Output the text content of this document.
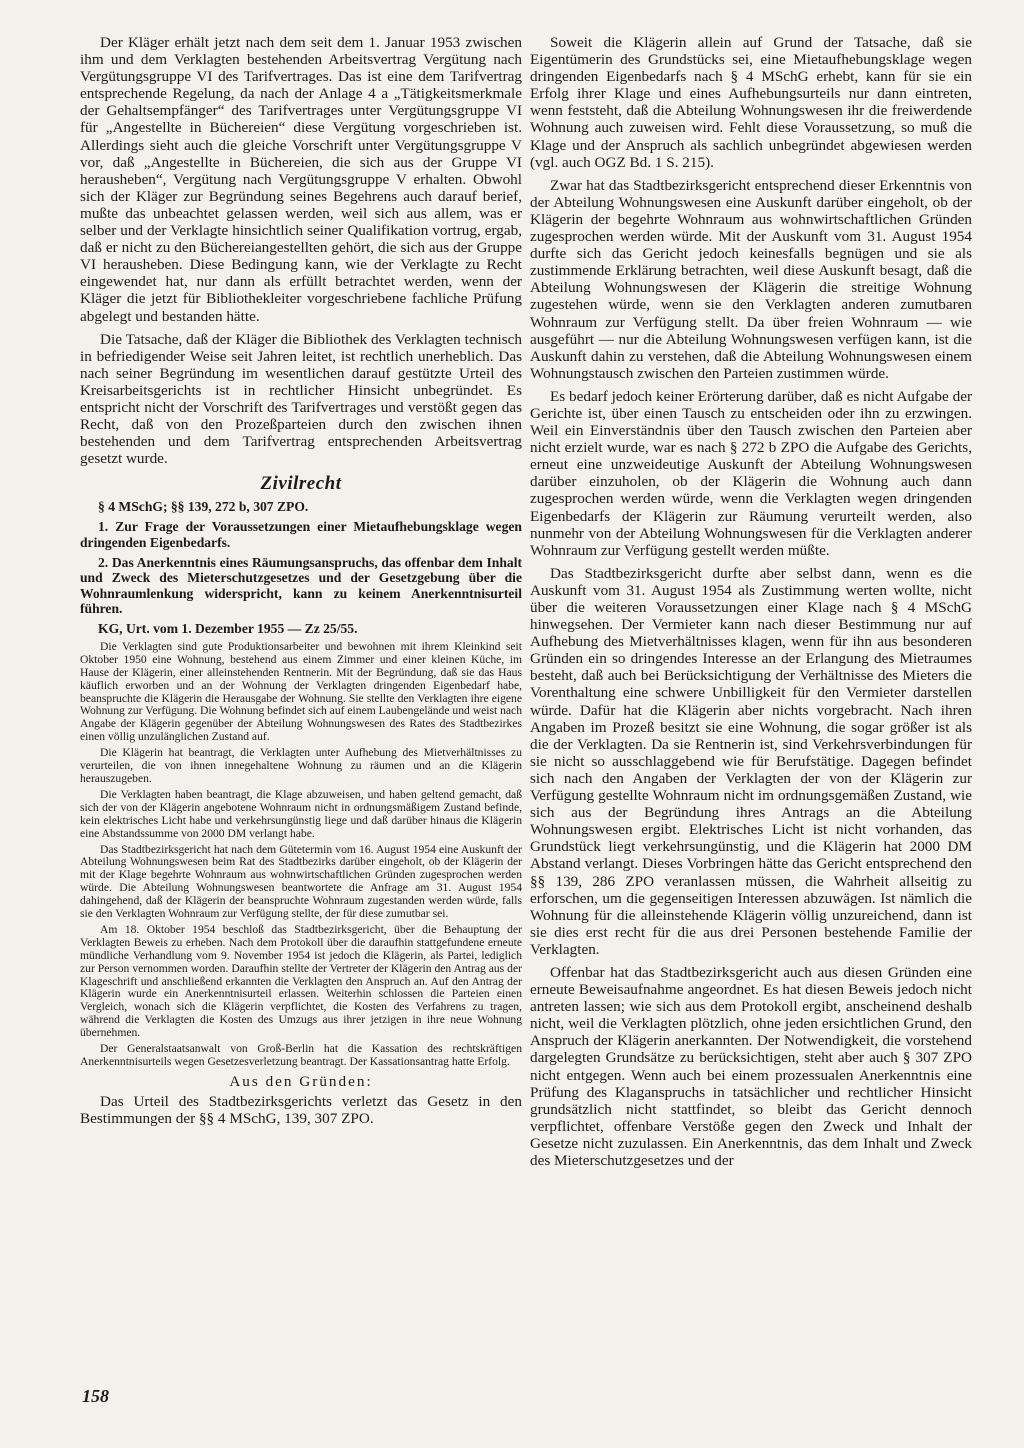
Der Kläger erhält jetzt nach dem seit dem 1. Januar 1953 zwischen ihm und dem Verklagten bestehenden Arbeitsvertrag Vergütung nach Vergütungsgruppe VI des Tarifvertrages. Das ist eine dem Tarifvertrag entsprechende Regelung, da nach der Anlage 4 a „Tätigkeitsmerkmale der Gehaltsempfänger“ des Tarifvertrages unter Vergütungsgruppe VI für „Angestellte in Büchereien“ diese Vergütung vorgeschrieben ist. Allerdings sieht auch die gleiche Vorschrift unter Vergütungsgruppe V vor, daß „Angestellte in Büchereien, die sich aus der Gruppe VI herausheben“, Vergütung nach Vergütungsgruppe V erhalten. Obwohl sich der Kläger zur Begründung seines Begehrens auch darauf berief, mußte das unbeachtet gelassen werden, weil sich aus allem, was er selber und der Verklagte hinsichtlich seiner Qualifikation vortrug, ergab, daß er nicht zu den Büchereiangestellten gehört, die sich aus der Gruppe VI herausheben. Diese Bedingung kann, wie der Verklagte zu Recht eingewendet hat, nur dann als erfüllt betrachtet werden, wenn der Kläger die jetzt für Bibliothekleiter vorgeschriebene fachliche Prüfung abgelegt und bestanden hätte.

Die Tatsache, daß der Kläger die Bibliothek des Verklagten technisch in befriedigender Weise seit Jahren leitet, ist rechtlich unerheblich. Das nach seiner Begründung im wesentlichen darauf gestützte Urteil des Kreisarbeitsgerichts ist in rechtlicher Hinsicht unbegründet. Es entspricht nicht der Vorschrift des Tarifvertrages und verstößt gegen das Recht, daß von den Prozeßparteien durch den zwischen ihnen bestehenden und dem Tarifvertrag entsprechenden Arbeitsvertrag gesetzt wurde.

Zivilrecht

§ 4 MSchG; §§ 139, 272 b, 307 ZPO.

1. Zur Frage der Voraussetzungen einer Mietaufhebungsklage wegen dringenden Eigenbedarfs.

2. Das Anerkenntnis eines Räumungsanspruchs, das offenbar dem Inhalt und Zweck des Mieterschutzgesetzes und der Gesetzgebung über die Wohnraumlenkung widerspricht, kann zu keinem Anerkenntnisurteil führen.

KG, Urt. vom 1. Dezember 1955 — Zz 25/55.

Die Verklagten sind gute Produktionsarbeiter und bewohnen mit ihrem Kleinkind seit Oktober 1950 eine Wohnung, bestehend aus einem Zimmer und einer kleinen Küche, im Hause der Klägerin, einer alleinstehenden Rentnerin. Mit der Begründung, daß sie das Haus käuflich erworben und an der Wohnung der Verklagten dringenden Eigenbedarf habe, beanspruchte die Klägerin die Herausgabe der Wohnung. Sie stellte den Verklagten ihre eigene Wohnung zur Verfügung. Die Wohnung befindet sich auf einem Laubengelände und weist nach Angabe der Klägerin gegenüber der Abteilung Wohnungswesen des Rates des Stadtbezirkes einen völlig unzulänglichen Zustand auf.

Die Klägerin hat beantragt, die Verklagten unter Aufhebung des Mietverhältnisses zu verurteilen, die von ihnen innegehaltene Wohnung zu räumen und an die Klägerin herauszugeben.

Die Verklagten haben beantragt, die Klage abzuweisen, und haben geltend gemacht, daß sich der von der Klägerin angebotene Wohnraum nicht in ordnungsmäßigem Zustand befinde, kein elektrisches Licht habe und verkehrsungünstig liege und daß darüber hinaus die Klägerin eine Abstandssumme von 2000 DM verlangt habe.

Das Stadtbezirksgericht hat nach dem Gütetermin vom 16. August 1954 eine Auskunft der Abteilung Wohnungswesen beim Rat des Stadtbezirks darüber eingeholt, ob der Klägerin der mit der Klage begehrte Wohnraum aus wohnwirtschaftlichen Gründen zugesprochen werden würde. Die Abteilung Wohnungswesen beantwortete die Anfrage am 31. August 1954 dahingehend, daß der Klägerin der beanspruchte Wohnraum zugestanden werden würde, falls sie den Verklagten Wohnraum zur Verfügung stellte, der für diese zumutbar sei.

Am 18. Oktober 1954 beschloß das Stadtbezirksgericht, über die Behauptung der Verklagten Beweis zu erheben. Nach dem Protokoll über die daraufhin stattgefundene erneute mündliche Verhandlung vom 9. November 1954 ist jedoch die Klägerin, als Partei, lediglich zur Person vernommen worden. Daraufhin stellte der Vertreter der Klägerin den Antrag aus der Klageschrift und anschließend erkannten die Verklagten den Anspruch an. Auf den Antrag der Klägerin wurde ein Anerkenntnisurteil erlassen. Weiterhin schlossen die Parteien einen Vergleich, wonach sich die Klägerin verpflichtet, die Kosten des Verfahrens zu tragen, während die Verklagten die Kosten des Umzugs aus ihrer jetzigen in ihre neue Wohnung übernehmen.

Der Generalstaatsanwalt von Groß-Berlin hat die Kassation des rechtskräftigen Anerkenntnisurteils wegen Gesetzesverletzung beantragt. Der Kassationsantrag hatte Erfolg.

Aus den Gründen:

Das Urteil des Stadtbezirksgerichts verletzt das Gesetz in den Bestimmungen der §§ 4 MSchG, 139, 307 ZPO.

Soweit die Klägerin allein auf Grund der Tatsache, daß sie Eigentümerin des Grundstücks sei, eine Mietaufhebungsklage wegen dringenden Eigenbedarfs nach § 4 MSchG erhebt, kann für sie ein Erfolg ihrer Klage und eines Aufhebungsurteils nur dann eintreten, wenn feststeht, daß die Abteilung Wohnungswesen ihr die freiwerdende Wohnung auch zuweisen wird. Fehlt diese Voraussetzung, so muß die Klage und der Anspruch als sachlich unbegründet abgewiesen werden (vgl. auch OGZ Bd. 1 S. 215).

Zwar hat das Stadtbezirksgericht entsprechend dieser Erkenntnis von der Abteilung Wohnungswesen eine Auskunft darüber eingeholt, ob der Klägerin der begehrte Wohnraum aus wohnwirtschaftlichen Gründen zugesprochen werden würde. Mit der Auskunft vom 31. August 1954 durfte sich das Gericht jedoch keinesfalls begnügen und sie als zustimmende Erklärung betrachten, weil diese Auskunft besagt, daß die Abteilung Wohnungswesen der Klägerin die streitige Wohnung zugestehen würde, wenn sie den Verklagten anderen zumutbaren Wohnraum zur Verfügung stellt. Da über freien Wohnraum — wie ausgeführt — nur die Abteilung Wohnungswesen verfügen kann, ist die Auskunft dahin zu verstehen, daß die Abteilung Wohnungswesen einem Wohnungstausch zwischen den Parteien zustimmen würde.

Es bedarf jedoch keiner Erörterung darüber, daß es nicht Aufgabe der Gerichte ist, über einen Tausch zu entscheiden oder ihn zu erzwingen. Weil ein Einverständnis über den Tausch zwischen den Parteien aber nicht erzielt wurde, war es nach § 272 b ZPO die Aufgabe des Gerichts, erneut eine unzweideutige Auskunft der Abteilung Wohnungswesen darüber einzuholen, ob der Klägerin die Wohnung auch dann zugesprochen werden würde, wenn die Verklagten wegen dringenden Eigenbedarfs der Klägerin zur Räumung verurteilt werden, also nunmehr von der Abteilung Wohnungswesen für die Verklagten anderer Wohnraum zur Verfügung gestellt werden müßte.

Das Stadtbezirksgericht durfte aber selbst dann, wenn es die Auskunft vom 31. August 1954 als Zustimmung werten wollte, nicht über die weiteren Voraussetzungen einer Klage nach § 4 MSchG hinwegsehen. Der Vermieter kann nach dieser Bestimmung nur auf Aufhebung des Mietverhältnisses klagen, wenn für ihn aus besonderen Gründen ein so dringendes Interesse an der Erlangung des Mietraumes besteht, daß auch bei Berücksichtigung der Verhältnisse des Mieters die Vorenthaltung eine schwere Unbilligkeit für den Vermieter darstellen würde. Dafür hat die Klägerin aber nichts vorgebracht. Nach ihren Angaben im Prozeß besitzt sie eine Wohnung, die sogar größer ist als die der Verklagten. Da sie Rentnerin ist, sind Verkehrsverbindungen für sie nicht so ausschlaggebend wie für Berufstätige. Dagegen befindet sich nach den Angaben der Verklagten der von der Klägerin zur Verfügung gestellte Wohnraum nicht im ordnungsgemäßen Zustand, wie sich aus der Begründung ihres Antrags an die Abteilung Wohnungswesen ergibt. Elektrisches Licht ist nicht vorhanden, das Grundstück liegt verkehrsungünstig, und die Klägerin hat 2000 DM Abstand verlangt. Dieses Vorbringen hätte das Gericht entsprechend den §§ 139, 286 ZPO veranlassen müssen, die Wahrheit allseitig zu erforschen, um die gegenseitigen Interessen abzuwägen. Ist nämlich die Wohnung für die alleinstehende Klägerin völlig unzureichend, dann ist sie dies erst recht für die aus drei Personen bestehende Familie der Verklagten.

Offenbar hat das Stadtbezirksgericht auch aus diesen Gründen eine erneute Beweisaufnahme angeordnet. Es hat diesen Beweis jedoch nicht antreten lassen; wie sich aus dem Protokoll ergibt, anscheinend deshalb nicht, weil die Verklagten plötzlich, ohne jeden ersichtlichen Grund, den Anspruch der Klägerin anerkannten. Der Notwendigkeit, die vorstehend dargelegten Grundsätze zu berücksichtigen, steht aber auch § 307 ZPO nicht entgegen. Wenn auch bei einem prozessualen Anerkenntnis eine Prüfung des Klaganspruchs in tatsächlicher und rechtlicher Hinsicht grundsätzlich nicht stattfindet, so bleibt das Gericht dennoch verpflichtet, offenbare Verstöße gegen den Zweck und Inhalt der Gesetze nicht zuzulassen. Ein Anerkenntnis, das dem Inhalt und Zweck des Mieterschutzgesetzes und der

158
